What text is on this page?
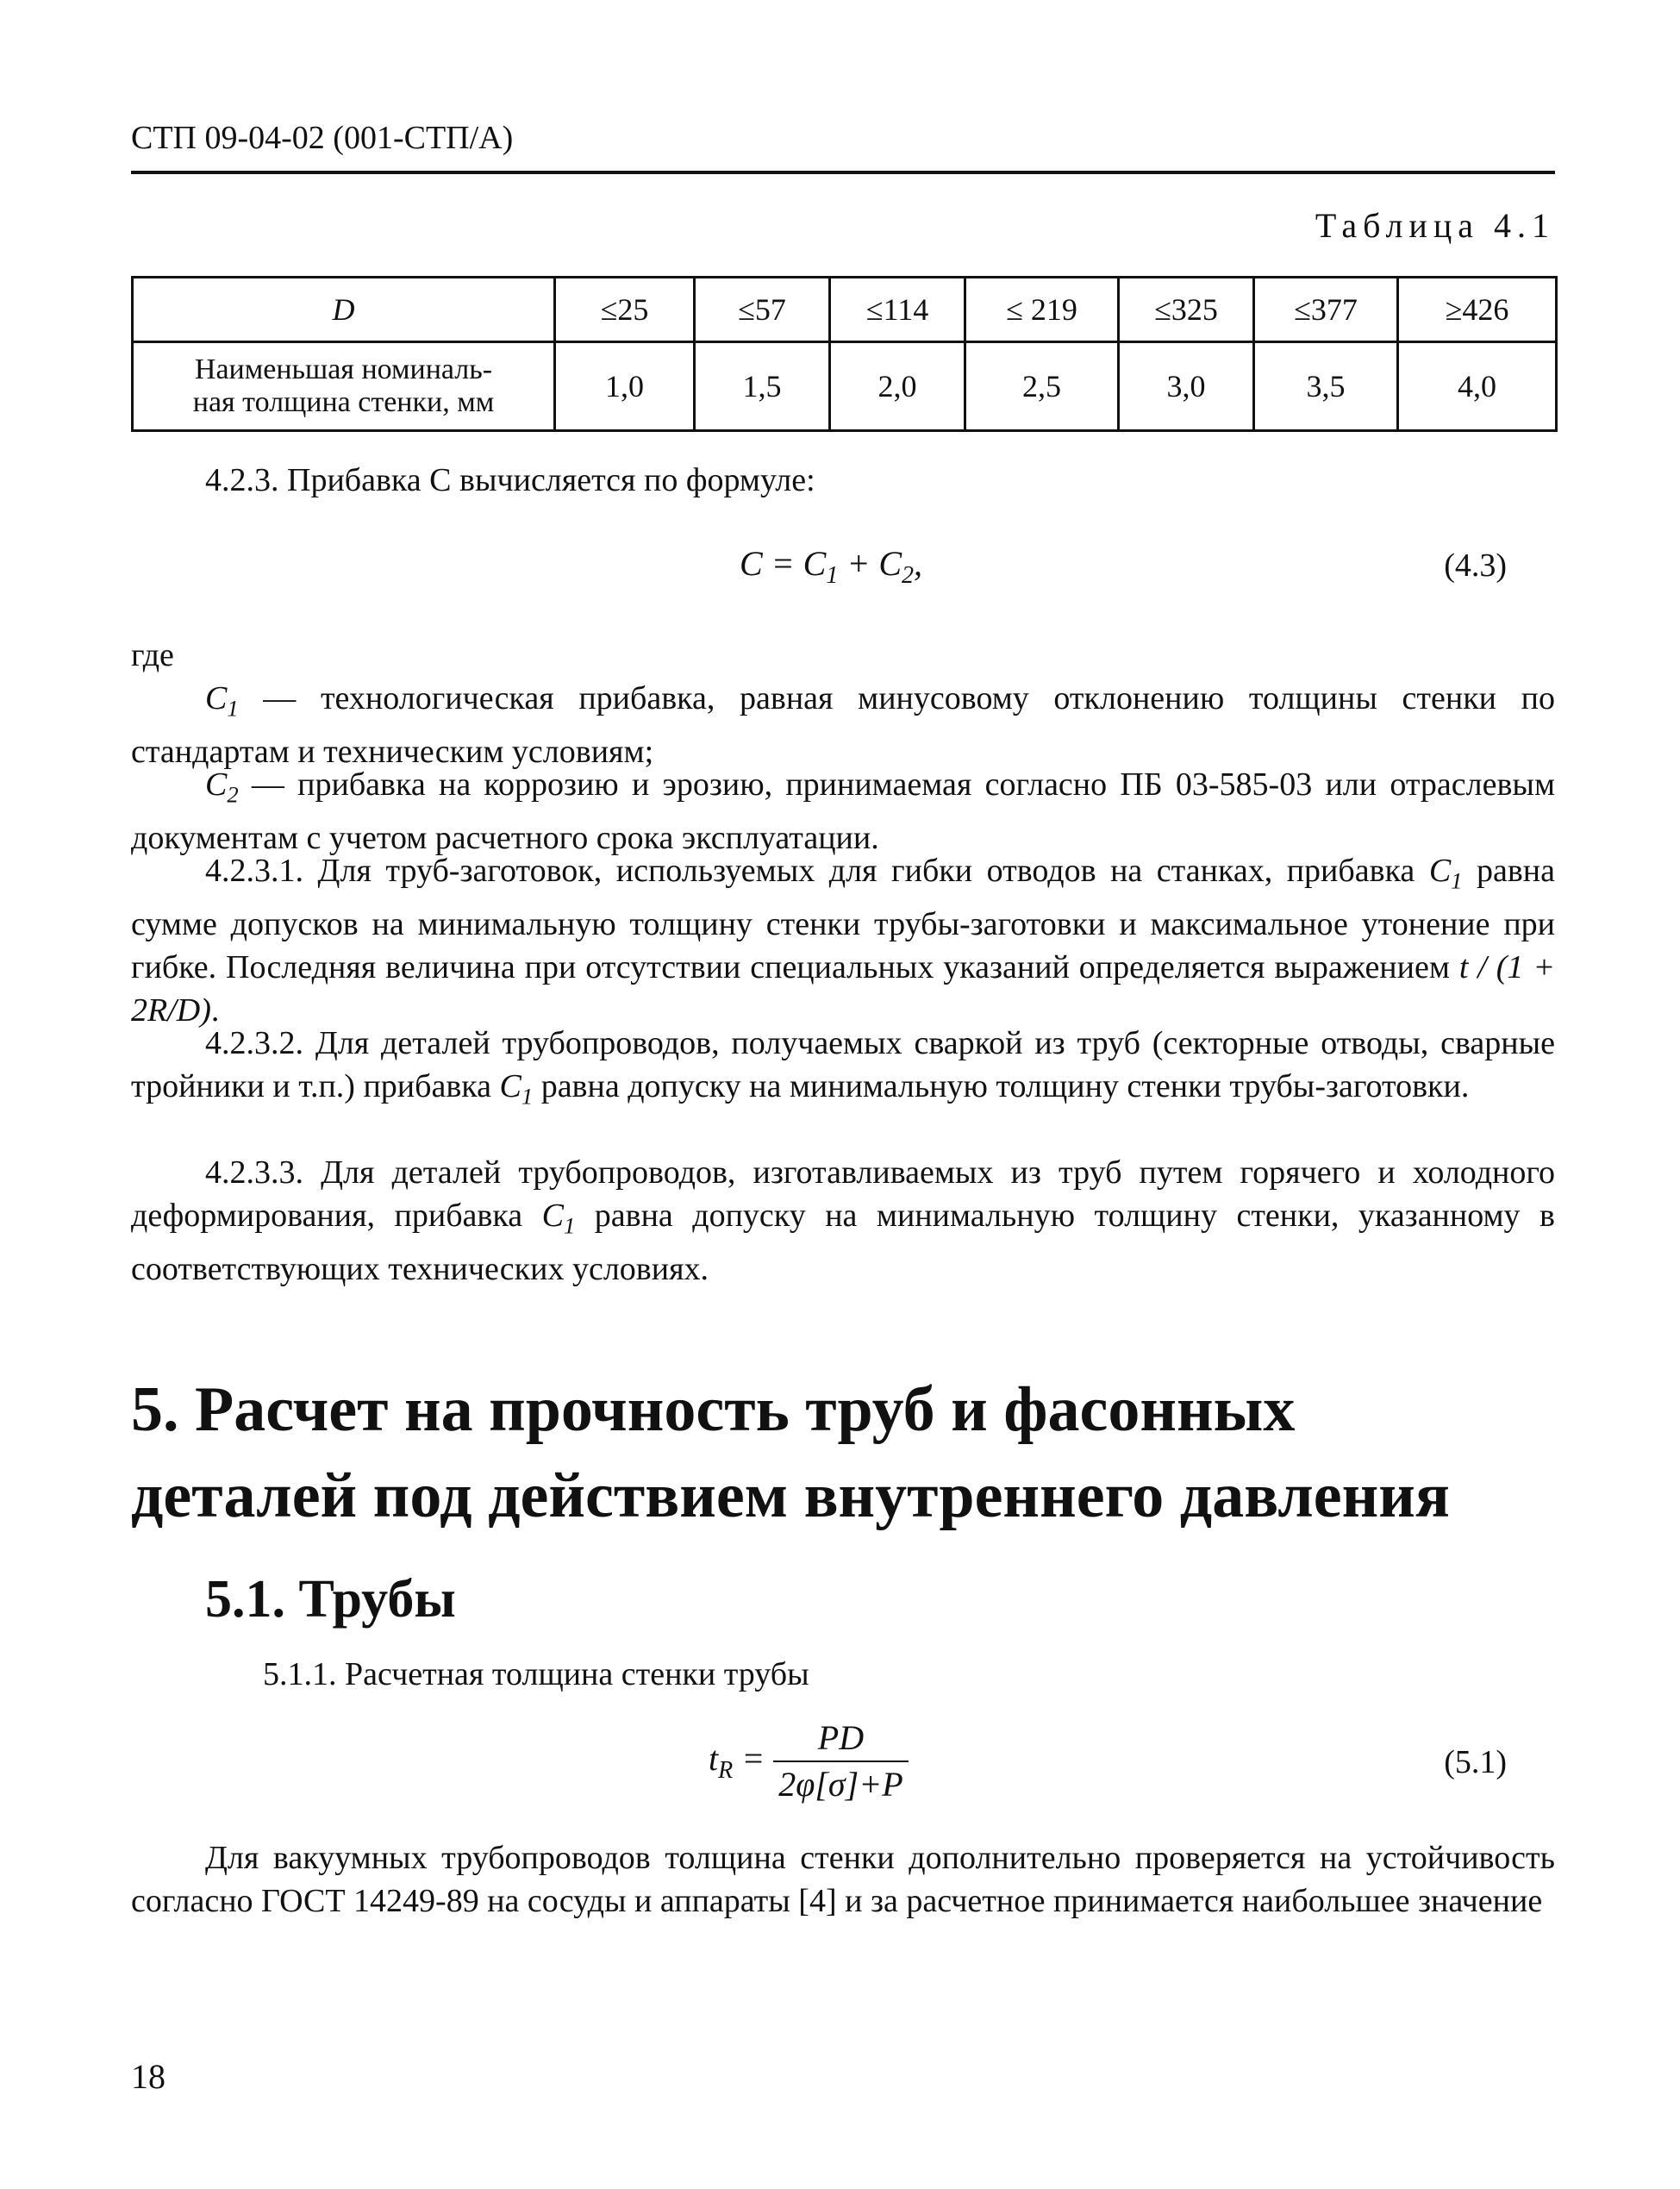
СТП 09-04-02 (001-СТП/А)
Таблица 4.1
D	≤25	≤57	≤114	≤ 219	≤325	≤377	≥426
Наименьшая номиналь-
ная толщина стенки, мм	1,0	1,5	2,0	2,5	3,0	3,5	4,0
4.2.3. Прибавка С вычисляется по формуле:
$C = C_1 + C_2$,	(4.3)
где
$C_1$ — технологическая прибавка, равная минусовому отклонению толщины стенки по стандартам и техническим условиям;
$C_2$ — прибавка на коррозию и эрозию, принимаемая согласно ПБ 03-585-03 или отраслевым документам с учетом расчетного срока эксплуатации.
4.2.3.1. Для труб-заготовок, используемых для гибки отводов на станках, прибавка $C_1$ равна сумме допусков на минимальную толщину стенки трубы-заготовки и максимальное утонение при гибке. Последняя величина при отсутствии специальных указаний определяется выражением t / (1 + 2R/D).
4.2.3.2. Для деталей трубопроводов, получаемых сваркой из труб (секторные отводы, сварные тройники и т.п.) прибавка $C_1$ равна допуску на минимальную толщину стенки трубы-заготовки.
4.2.3.3. Для деталей трубопроводов, изготавливаемых из труб путем горячего и холодного деформирования, прибавка $C_1$ равна допуску на минимальную толщину стенки, указанному в соответствующих технических условиях.
5. Расчет на прочность труб и фасонных
деталей под действием внутреннего давления
5.1. Трубы
5.1.1. Расчетная толщина стенки трубы
$t_R = \frac{PD}{2\varphi[\sigma]+P}$	(5.1)
Для вакуумных трубопроводов толщина стенки дополнительно проверяется на устойчивость согласно ГОСТ 14249-89 на сосуды и аппараты [4] и за расчетное принимается наибольшее значение
18
